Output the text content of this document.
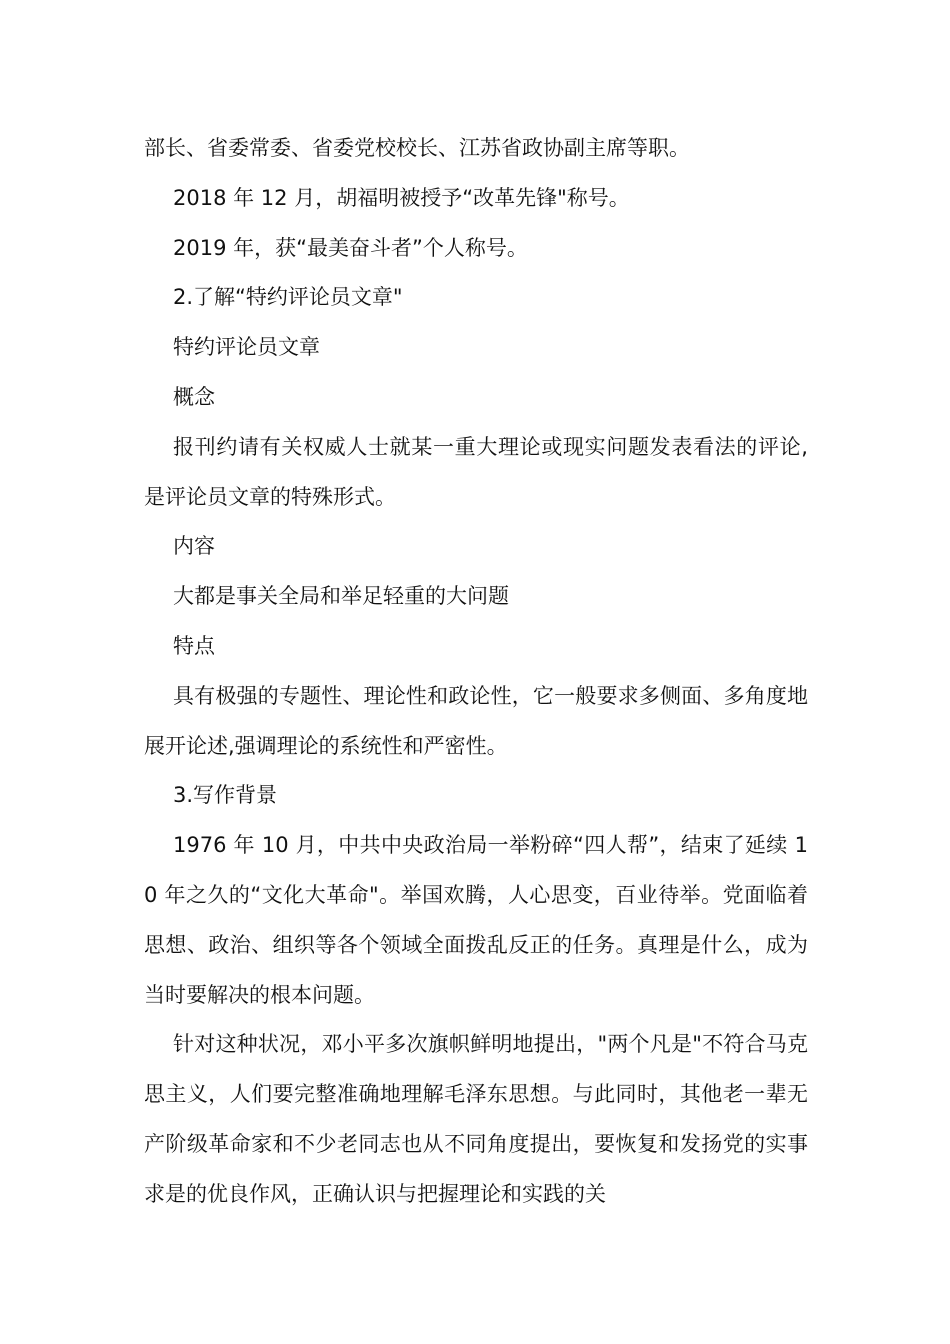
部长、省委常委、省委党校校长、江苏省政协副主席等职。

2018 年 12 月，胡福明被授予“改革先锋"称号。

2019 年，获“最美奋斗者”个人称号。

2.了解“特约评论员文章"

特约评论员文章

概念

报刊约请有关权威人士就某一重大理论或现实问题发表看法的评论,是评论员文章的特殊形式。

内容

大都是事关全局和举足轻重的大问题

特点

具有极强的专题性、理论性和政论性，它一般要求多侧面、多角度地展开论述,强调理论的系统性和严密性。

3.写作背景

1976 年 10 月，中共中央政治局一举粉碎“四人帮”，结束了延续 10 年之久的“文化大革命"。举国欢腾，人心思变，百业待举。党面临着思想、政治、组织等各个领域全面拨乱反正的任务。真理是什么，成为当时要解决的根本问题。

针对这种状况，邓小平多次旗帜鲜明地提出，"两个凡是"不符合马克思主义，人们要完整准确地理解毛泽东思想。与此同时，其他老一辈无产阶级革命家和不少老同志也从不同角度提出，要恢复和发扬党的实事求是的优良作风，正确认识与把握理论和实践的关
